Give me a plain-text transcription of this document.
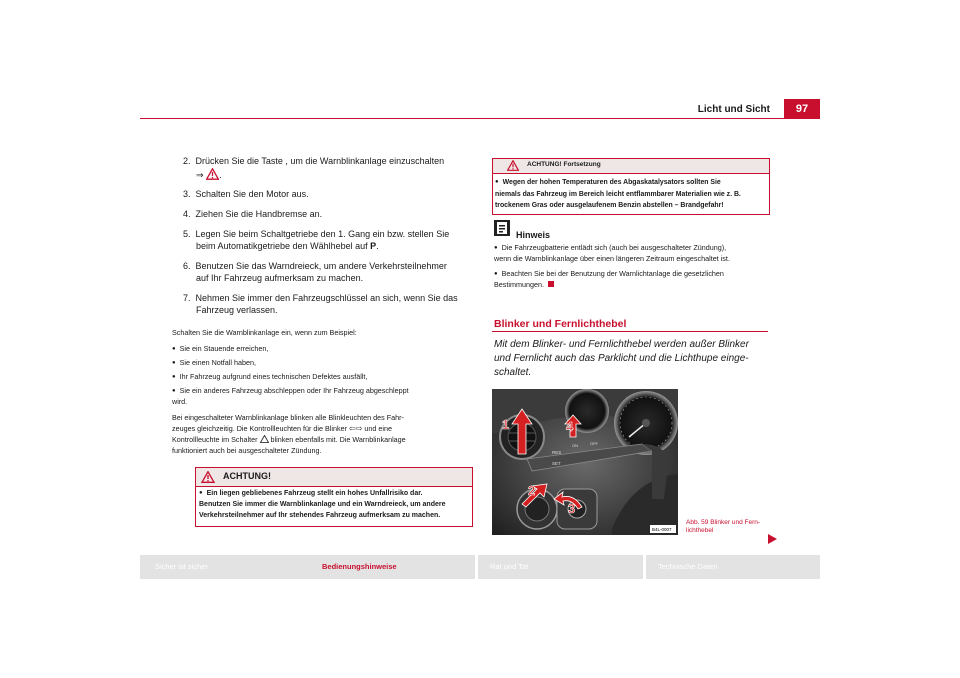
Licht und Sicht	97
2. Drücken Sie die Taste , um die Warnblinkanlage einzuschalten
⇒ .
3. Schalten Sie den Motor aus.
4. Ziehen Sie die Handbremse an.
5. Legen Sie beim Schaltgetriebe den 1. Gang ein bzw. stellen Sie
beim Automatikgetriebe den Wählhebel auf P.
6. Benutzen Sie das Warndreieck, um andere Verkehrsteilnehmer
auf Ihr Fahrzeug aufmerksam zu machen.
7. Nehmen Sie immer den Fahrzeugschlüssel an sich, wenn Sie das
Fahrzeug verlassen.
Schalten Sie die Warnblinkanlage ein, wenn zum Beispiel:
● Sie ein Stauende erreichen,
● Sie einen Notfall haben,
● Ihr Fahrzeug aufgrund eines technischen Defektes ausfällt,
● Sie ein anderes Fahrzeug abschleppen oder Ihr Fahrzeug abgeschleppt
wird.
Bei eingeschalteter Warnblinkanlage blinken alle Blinkleuchten des Fahr-
zeuges gleichzeitig. Die Kontrollleuchten für die Blinker ⇦⇨ und eine
Kontrollleuchte im Schalter blinken ebenfalls mit. Die Warnblinkanlage
funktioniert auch bei ausgeschalteter Zündung.
ACHTUNG!
● Ein liegen gebliebenes Fahrzeug stellt ein hohes Unfallrisiko dar.
Benutzen Sie immer die Warnblinkanlage und ein Warndreieck, um andere
Verkehrsteilnehmer auf Ihr stehendes Fahrzeug aufmerksam zu machen.
ACHTUNG! Fortsetzung
● Wegen der hohen Temperaturen des Abgaskatalysators sollten Sie
niemals das Fahrzeug im Bereich leicht entflammbarer Materialien wie z. B.
trockenem Gras oder ausgelaufenem Benzin abstellen – Brandgefahr!
Hinweis
● Die Fahrzeugbatterie entlädt sich (auch bei ausgeschalteter Zündung),
wenn die Warnblinkanlage über einen längeren Zeitraum eingeschaltet ist.
● Beachten Sie bei der Benutzung der Warnlichtanlage die gesetzlichen
Bestimmungen.
Blinker und Fernlichthebel
Mit dem Blinker- und Fernlichthebel werden außer Blinker
und Fernlicht auch das Parklicht und die Lichthupe einge-
schaltet.
RES
SET
ON	OFF
1
2
3
4
B4L-0007
Abb. 59 Blinker und Fern-
lichthebel
Sicher ist sicher	Bedienungshinweise	Rat und Tat	Technische Daten
